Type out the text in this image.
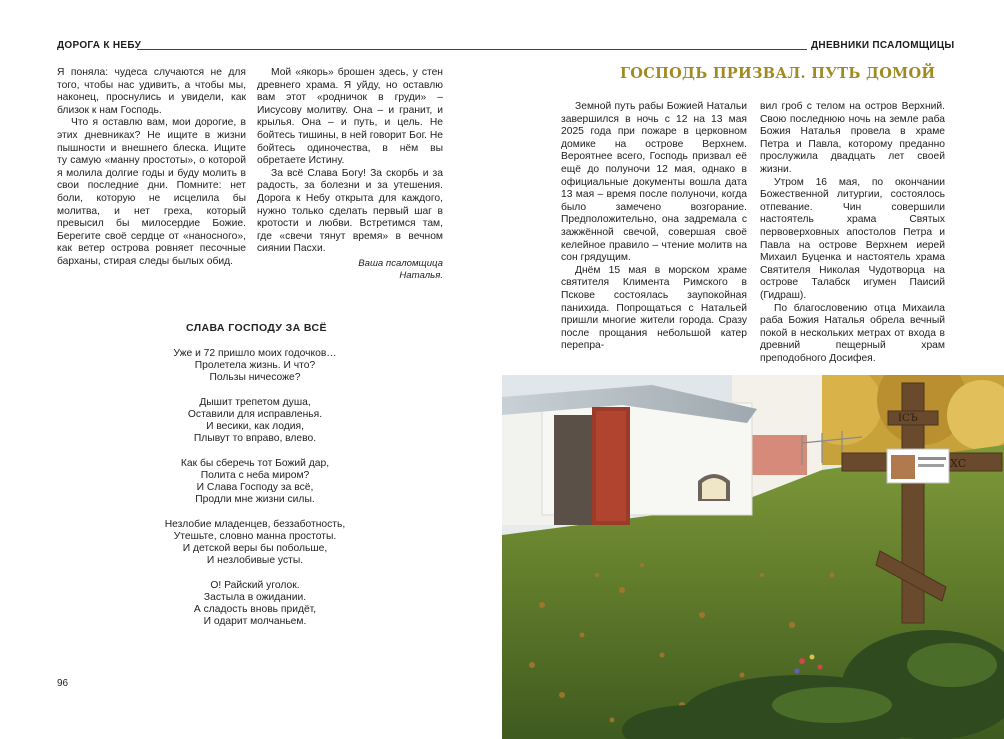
ДОРОГА К НЕБУ	ДНЕВНИКИ ПСАЛОМЩИЦЫ

Я поняла: чудеса случаются не для того, чтобы нас удивить, а чтобы мы, наконец, проснулись и увидели, как близок к нам Господь.

Что я оставлю вам, мои дорогие, в этих дневниках? Не ищите в жизни пышности и внешнего блеска. Ищите ту самую «манну простоты», о которой я молила долгие годы и буду молить в свои последние дни. Помните: нет боли, которую не исцелила бы молитва, и нет греха, который превысил бы милосердие Божие. Берегите своё сердце от «наносного», как ветер острова ровняет песочные барханы, стирая следы былых обид.

Мой «якорь» брошен здесь, у стен древнего храма. Я уйду, но оставлю вам этот «родничок в груди» – Иисусову молитву. Она – и гранит, и крылья. Она – и путь, и цель. Не бойтесь тишины, в ней говорит Бог. Не бойтесь одиночества, в нём вы обретаете Истину.

За всё Слава Богу! За скорбь и за радость, за болезни и за утешения. Дорога к Небу открыта для каждого, нужно только сделать первый шаг в кротости и любви. Встретимся там, где «свечи тянут время» в вечном сиянии Пасхи.

Ваша псаломщица
Наталья.
СЛАВА ГОСПОДУ ЗА ВСЁ
Уже и 72 пришло моих годочков…
Пролетела жизнь. И что?
Пользы ничесоже?
Дышит трепетом душа,
Оставили для исправленья.
И весики, как лодия,
Плывут то вправо, влево.
Как бы сберечь тот Божий дар,
Полита с неба миром?
И Слава Господу за всё,
Продли мне жизни силы.
Незлобие младенцев, беззаботность,
Утешьте, словно манна простоты.
И детской веры бы побольше,
И незлобивые усты.
О! Райский уголок.
Застыла в ожидании.
А сладость вновь придёт,
И одарит молчаньем.
96
ГОСПОДЬ ПРИЗВАЛ. ПУТЬ ДОМОЙ

Земной путь рабы Божией Натальи завершился в ночь с 12 на 13 мая 2025 года при пожаре в церковном домике на острове Верхнем. Вероятнее всего, Господь призвал её ещё до полуночи 12 мая, однако в официальные документы вошла дата 13 мая – время после полуночи, когда было замечено возгорание. Предположительно, она задремала с зажжённой свечой, совершая своё келейное правило – чтение молитв на сон грядущим.

Днём 15 мая в морском храме святителя Климента Римского в Пскове состоялась заупокойная панихида. Попрощаться с Натальей пришли многие жители города. Сразу после прощания небольшой катер перепра-

вил гроб с телом на остров Верхний. Свою последнюю ночь на земле раба Божия Наталья провела в храме Петра и Павла, которому преданно прослужила двадцать лет своей жизни.

Утром 16 мая, по окончании Божественной литургии, состоялось отпевание. Чин совершили настоятель храма Святых первоверховных апостолов Петра и Павла на острове Верхнем иерей Михаил Буценка и настоятель храма Святителя Николая Чудотворца на острове Талабск игумен Паисий (Гидраш).

По благословению отца Михаила раба Божия Наталья обрела вечный покой в нескольких метрах от входа в древний пещерный храм преподобного Досифея.

ІСЪ
ХС
